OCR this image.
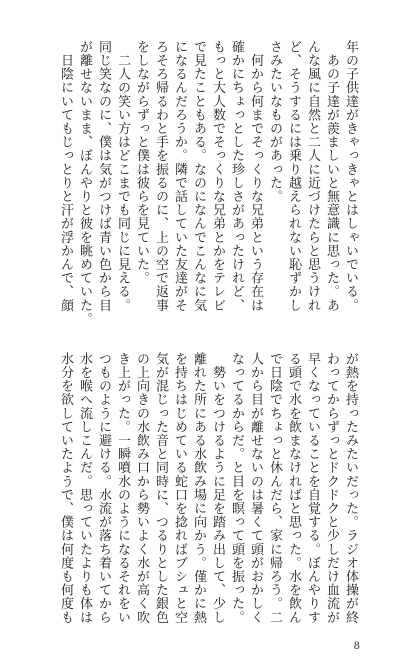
年の子供達がきゃっきゃとはしゃいでいる。
　あの子達が羨ましいと無意識に思った。あ
んな風に自然と二人に近づけたらと思うけれ
ど、そうするには乗り越えられない恥ずかし
さみたいなものがあった。
　何から何までそっくりな兄弟という存在は
確かにちょっとした珍しさがあったけれど、
もっと大人数でそっくりな兄弟とかをテレビ
で見たこともある。なのになんでこんなに気
になるんだろうか。隣で話していた友達がそ
ろそろ帰るわと手を振るのに、上の空で返事
をしながらずっと僕は彼らを見ていた。
　二人の笑い方はどこまでも同じに見える。
同じ笑なのに、僕は気がつけば青い色から目
が離せないまま、ぼんやりと彼を眺めていた。
　日陰にいてもじっとりと汗が浮かんで、顔
が熱を持ったみたいだった。ラジオ体操が終
わってからずっとドクドクと少しだけ血流が
早くなっていることを自覚する。ぼんやりす
る頭で水を飲まなければと思った。水を飲ん
で日陰でちょっと休んだら、家に帰ろう。二
人から目が離せないのは暑くて頭がおかしく
なってるからだ。と目を瞑って頭を振った。
　勢いをつけるように足を踏み出して、少し
離れた所にある水飲み場に向かう。僅かに熱
を持ちはじめている蛇口を捻ればブシュと空
気が混じった音と同時に、つるりとした銀色
の上向きの水飲み口から勢いよく水が高く吹
き上がった。一瞬噴水のようになるそれをい
つものように避ける。水流が落ち着いてから
水を喉へ流しこんだ。思っていたよりも体は
水分を欲していたようで、僕は何度も何度も
8
